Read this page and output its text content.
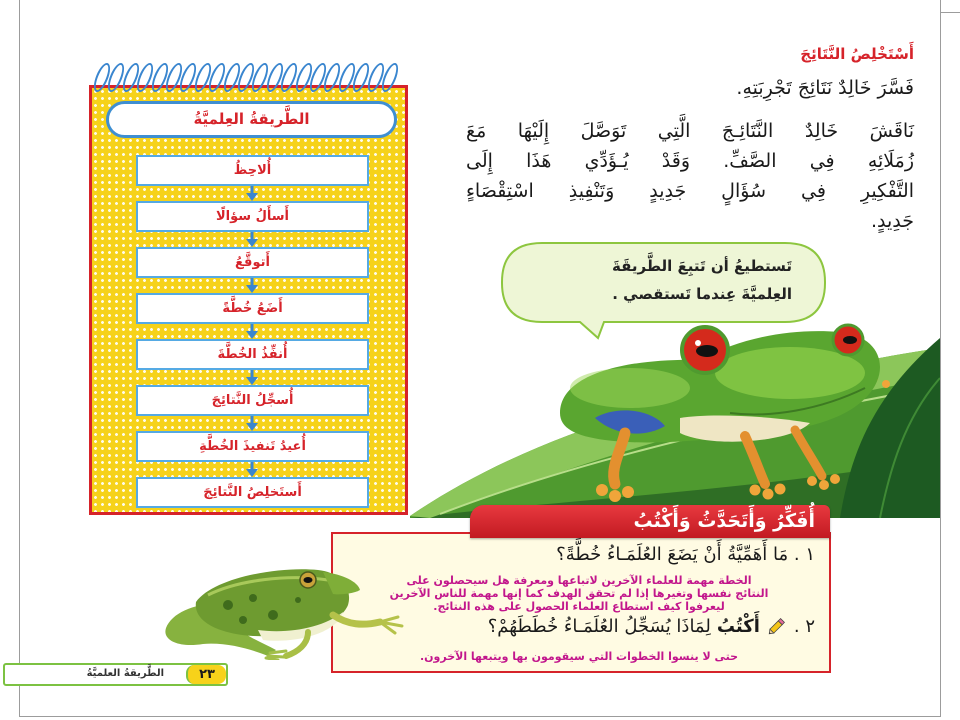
الطَّريقةُ العِلميَّةُ
أُلاحِظُ
أَسأَلُ سؤالًا
أَتوقَّعُ
أَضَعُ خُطَّةً
أُنفِّذُ الخُطَّةَ
أُسجِّلُ النَّتائِجَ
أُعيدُ تَنفيذَ الخُطَّةِ
أَستَخلِصُ النَّتائِجَ
أَسْتَخْلِصُ النَّتَائِجَ
فَسَّرَ خَالِدٌ نَتَائِجَ تَجْرِبَتِهِ.
نَاقَشَ خَالِدٌ النَّتَائِـجَ الَّتِي تَوَصَّلَ إِلَيْهَا مَعَ
زُمَلَائِهِ فِي الصَّفِّ. وَقَدْ يُـؤَدِّي هَذَا إِلَى
التَّفْكِيرِ فِي سُؤَالٍ جَدِيدٍ وَتَنْفِيذِ اسْتِقْصَاءٍ
جَدِيدٍ.
تَستطيعُ أن تَتبِعَ الطَّريقَةَ
العِلميَّةَ عِندما تَستقصي .
أُفَكِّرُ وَأَتَحَدَّثُ وَأَكْتُبُ
١ . مَا أَهَمِّيَّةُ أَنْ يَضَعَ العُلَمَـاءُ خُطَّةً؟
الخطة مهمة للعلماء الآخرين لاتباعها ومعرفة هل سيحصلون على
النتائج نفسها وتغيرها إذا لم تحقق الهدف كما إنها مهمة للناس الآخرين
ليعرفوا كيف استطاع العلماء الحصول على هذه النتائج.
٢ .
أَكْتُبُ
لِمَاذَا يُسَجِّلُ العُلَمَـاءُ خُطَطَهُمْ؟
حتى لا ينسوا الخطوات التي سيقومون بها ويتبعها الآخرون.
٢٣
الطَّريقةُ العلميَّةُ
